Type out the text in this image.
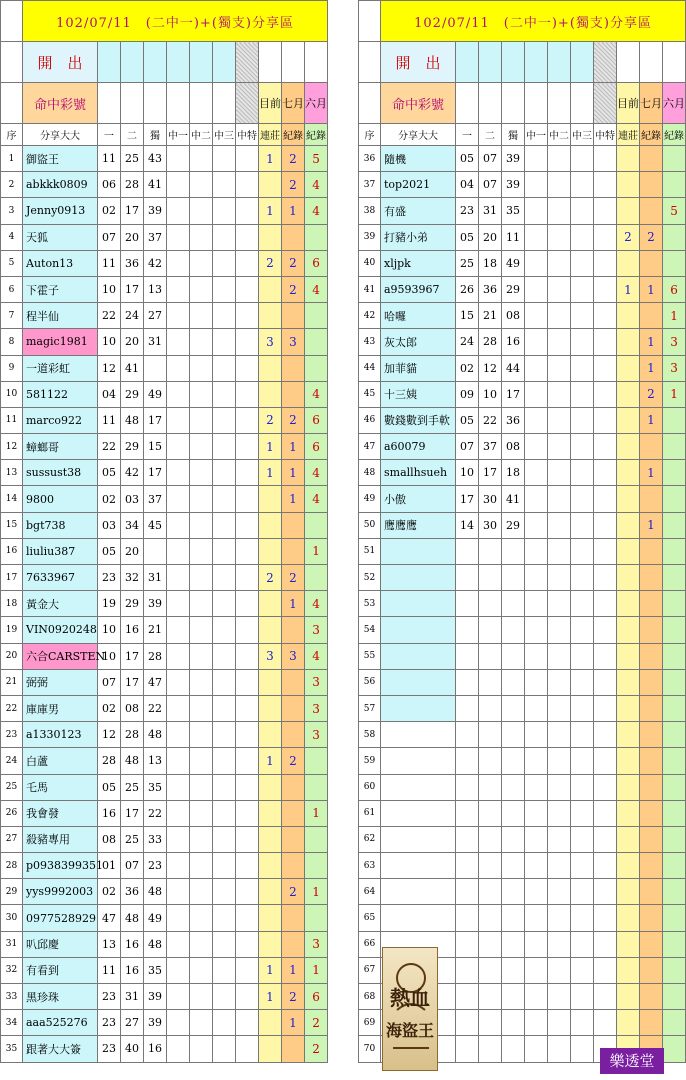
	102/07/11　(二中一)+(獨支)分享區										
	開　出										
	命中彩號								目前	七月	六月
序	分享大大	一	二	獨	中一	中二	中三	中特	連莊	紀錄	紀錄
1	御盜王	11	25	43					1	2	5
2	abkkk0809	06	28	41						2	4
3	Jenny0913	02	17	39					1	1	4
4	天狐	07	20	37							
5	Auton13	11	36	42					2	2	6
6	下霍子	10	17	13						2	4
7	程半仙	22	24	27							
8	magic1981	10	20	31					3	3	
9	一道彩虹	12	41								
10	581122	04	29	49							4
11	marco922	11	48	17					2	2	6
12	蟑螂哥	22	29	15					1	1	6
13	sussust38	05	42	17					1	1	4
14	9800	02	03	37						1	4
15	bgt738	03	34	45							
16	liuliu387	05	20								1
17	7633967	23	32	31					2	2	
18	黃金大	19	29	39						1	4
19	VIN0920248	10	16	21							3
20	六合CARSTEN	10	17	28					3	3	4
21	弼弼	07	17	47							3
22	庫庫男	02	08	22							3
23	a1330123	12	28	48							3
24	白蘆	28	48	13					1	2	
25	乇馬	05	25	35							
26	我會發	16	17	22							1
27	殺豬專用	08	25	33							
28	p0938399351	01	07	23							
29	yys9992003	02	36	48						2	1
30	0977528929	47	48	49							
31	叭邱慶	13	16	48							3
32	有看到	11	16	35					1	1	1
33	黑珍珠	23	31	39					1	2	6
34	aaa525276	23	27	39						1	2
35	跟著大大簽	23	40	16							2
	102/07/11　(二中一)+(獨支)分享區										
	開　出										
	命中彩號								目前	七月	六月
序	分享大大	一	二	獨	中一	中二	中三	中特	連莊	紀錄	紀錄
36	隨機	05	07	39							
37	top2021	04	07	39							
38	有盛	23	31	35							5
39	打豬小弟	05	20	11					2	2	
40	xljpk	25	18	49							
41	a9593967	26	36	29					1	1	6
42	哈囉	15	21	08							1
43	灰太郎	24	28	16						1	3
44	加菲貓	02	12	44						1	3
45	十三姨	09	10	17						2	1
46	數錢數到手軟	05	22	36						1	
47	a60079	07	37	08							
48	smallhsueh	10	17	18						1	
49	小傲	17	30	41							
50	鹰鹰鹰	14	30	29						1	
51											
52											
53											
54											
55											
56											
57											
58											
59											
60											
61											
62											
63											
64											
65											
66											
67											
68											
69											
70											
熱血
海盜王
樂透堂
